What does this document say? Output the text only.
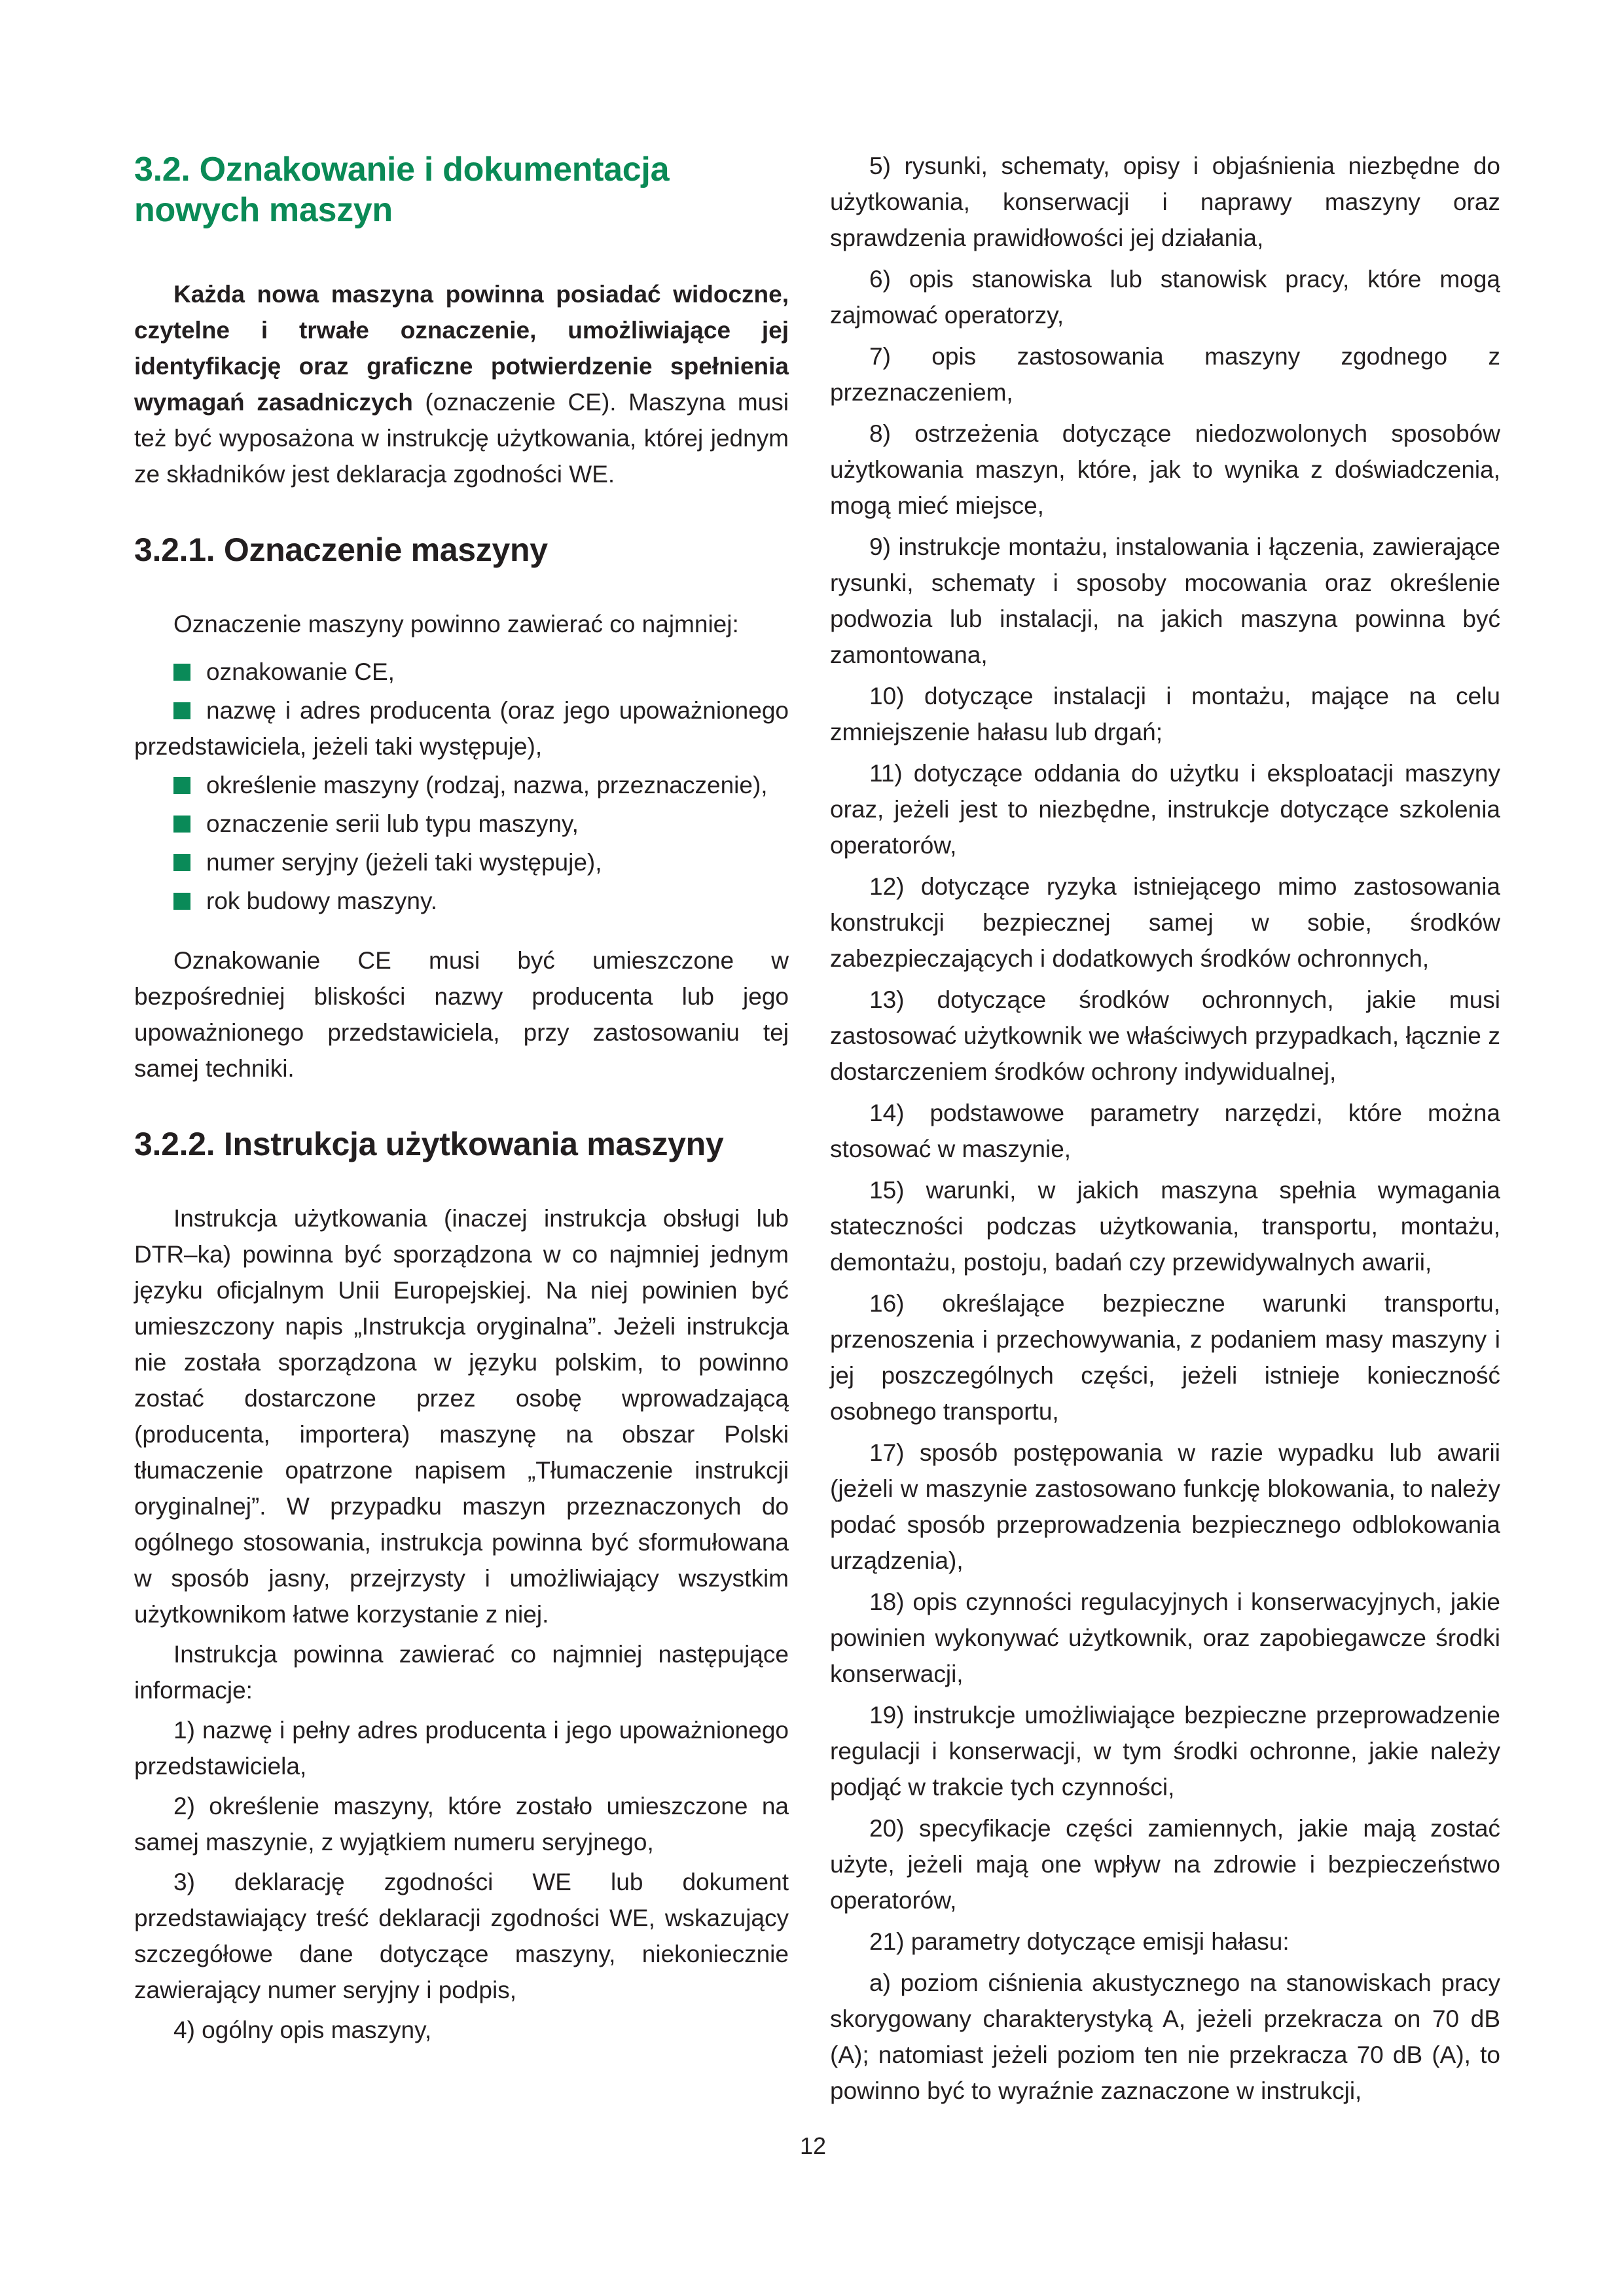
3.2. Oznakowanie i dokumentacja nowych maszyn

Każda nowa maszyna powinna posiadać widoczne, czytelne i trwałe oznaczenie, umożliwiające jej identyfikację oraz graficzne potwierdzenie spełnienia wymagań zasadniczych (oznaczenie CE). Maszyna musi też być wyposażona w instrukcję użytkowania, której jednym ze składników jest deklaracja zgodności WE.

3.2.1. Oznaczenie maszyny

Oznaczenie maszyny powinno zawierać co najmniej:

oznakowanie CE,
nazwę i adres producenta (oraz jego upoważnionego przedstawiciela, jeżeli taki występuje),
określenie maszyny (rodzaj, nazwa, przeznaczenie),
oznaczenie serii lub typu maszyny,
numer seryjny (jeżeli taki występuje),
rok budowy maszyny.

Oznakowanie CE musi być umieszczone w bezpośredniej bliskości nazwy producenta lub jego upoważnionego przedstawiciela, przy zastosowaniu tej samej techniki.

3.2.2. Instrukcja użytkowania maszyny

Instrukcja użytkowania (inaczej instrukcja obsługi lub DTR–ka) powinna być sporządzona w co najmniej jednym języku oficjalnym Unii Europejskiej. Na niej powinien być umieszczony napis „Instrukcja oryginalna”. Jeżeli instrukcja nie została sporządzona w języku polskim, to powinno zostać dostarczone przez osobę wprowadzającą (producenta, importera) maszynę na obszar Polski tłumaczenie opatrzone napisem „Tłumaczenie instrukcji oryginalnej”. W przypadku maszyn przeznaczonych do ogólnego stosowania, instrukcja powinna być sformułowana w sposób jasny, przejrzysty i umożliwiający wszystkim użytkownikom łatwe korzystanie z niej.

Instrukcja powinna zawierać co najmniej następujące informacje:

1) nazwę i pełny adres producenta i jego upoważnionego przedstawiciela,

2) określenie maszyny, które zostało umieszczone na samej maszynie, z wyjątkiem numeru seryjnego,

3) deklarację zgodności WE lub dokument przedstawiający treść deklaracji zgodności WE, wskazujący szczegółowe dane dotyczące maszyny, niekoniecznie zawierający numer seryjny i podpis,

4) ogólny opis maszyny,

5) rysunki, schematy, opisy i objaśnienia niezbędne do użytkowania, konserwacji i naprawy maszyny oraz sprawdzenia prawidłowości jej działania,

6) opis stanowiska lub stanowisk pracy, które mogą zajmować operatorzy,

7) opis zastosowania maszyny zgodnego z przeznaczeniem,

8) ostrzeżenia dotyczące niedozwolonych sposobów użytkowania maszyn, które, jak to wynika z doświadczenia, mogą mieć miejsce,

9) instrukcje montażu, instalowania i łączenia, zawierające rysunki, schematy i sposoby mocowania oraz określenie podwozia lub instalacji, na jakich maszyna powinna być zamontowana,

10) dotyczące instalacji i montażu, mające na celu zmniejszenie hałasu lub drgań;

11) dotyczące oddania do użytku i eksploatacji maszyny oraz, jeżeli jest to niezbędne, instrukcje dotyczące szkolenia operatorów,

12) dotyczące ryzyka istniejącego mimo zastosowania konstrukcji bezpiecznej samej w sobie, środków zabezpieczających i dodatkowych środków ochronnych,

13) dotyczące środków ochronnych, jakie musi zastosować użytkownik we właściwych przypadkach, łącznie z dostarczeniem środków ochrony indywidualnej,

14) podstawowe parametry narzędzi, które można stosować w maszynie,

15) warunki, w jakich maszyna spełnia wymagania stateczności podczas użytkowania, transportu, montażu, demontażu, postoju, badań czy przewidywalnych awarii,

16) określające bezpieczne warunki transportu, przenoszenia i przechowywania, z podaniem masy maszyny i jej poszczególnych części, jeżeli istnieje konieczność osobnego transportu,

17) sposób postępowania w razie wypadku lub awarii (jeżeli w maszynie zastosowano funkcję blokowania, to należy podać sposób przeprowadzenia bezpiecznego odblokowania urządzenia),

18) opis czynności regulacyjnych i konserwacyjnych, jakie powinien wykonywać użytkownik, oraz zapobiegawcze środki konserwacji,

19) instrukcje umożliwiające bezpieczne przeprowadzenie regulacji i konserwacji, w tym środki ochronne, jakie należy podjąć w trakcie tych czynności,

20) specyfikacje części zamiennych, jakie mają zostać użyte, jeżeli mają one wpływ na zdrowie i bezpieczeństwo operatorów,

21) parametry dotyczące emisji hałasu:

a) poziom ciśnienia akustycznego na stanowiskach pracy skorygowany charakterystyką A, jeżeli przekracza on 70 dB (A); natomiast jeżeli poziom ten nie przekracza 70 dB (A), to powinno być to wyraźnie zaznaczone w instrukcji,

12
